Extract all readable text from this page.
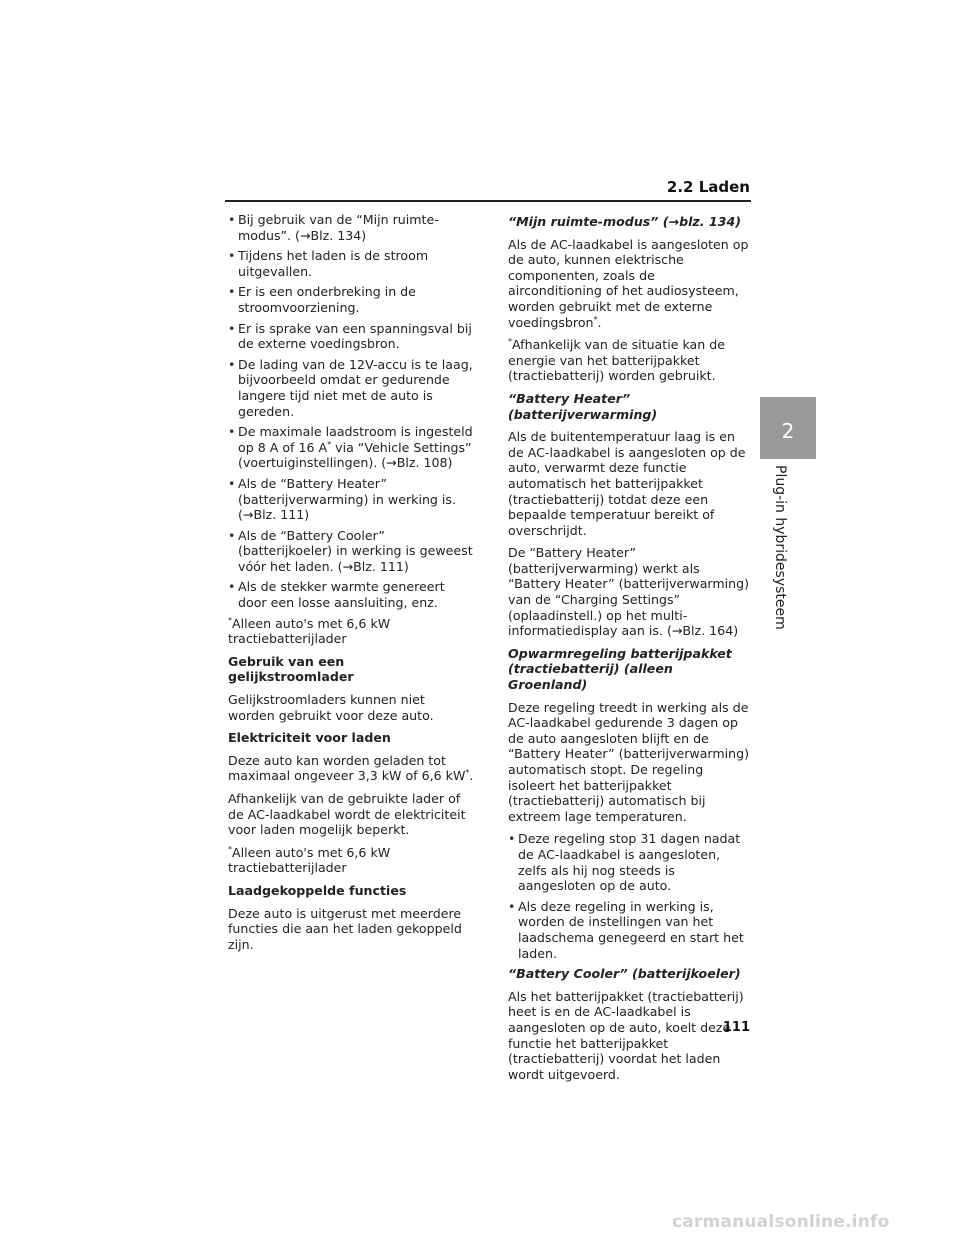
2.2 Laden
2
Plug-in hybridesysteem
• Bij gebruik van de “Mijn ruimte-modus”. (→Blz. 134)
• Tijdens het laden is de stroom uitgevallen.
• Er is een onderbreking in de stroomvoorziening.
• Er is sprake van een spanningsval bij de externe voedingsbron.
• De lading van de 12V-accu is te laag, bijvoorbeeld omdat er gedurende langere tijd niet met de auto is gereden.
• De maximale laadstroom is ingesteld op 8 A of 16 A* via “Vehicle Settings” (voertuiginstellingen). (→Blz. 108)
• Als de “Battery Heater” (batterijverwarming) in werking is. (→Blz. 111)
• Als de “Battery Cooler” (batterijkoeler) in werking is geweest vóór het laden. (→Blz. 111)
• Als de stekker warmte genereert door een losse aansluiting, enz.
*Alleen auto's met 6,6 kW tractiebatterijlader
Gebruik van een gelijkstroomlader
Gelijkstroomladers kunnen niet worden gebruikt voor deze auto.
Elektriciteit voor laden
Deze auto kan worden geladen tot maximaal ongeveer 3,3 kW of 6,6 kW*.
Afhankelijk van de gebruikte lader of de AC-laadkabel wordt de elektriciteit voor laden mogelijk beperkt.
*Alleen auto's met 6,6 kW tractiebatterijlader
Laadgekoppelde functies
Deze auto is uitgerust met meerdere functies die aan het laden gekoppeld zijn.
“Mijn ruimte-modus” (→blz. 134)
Als de AC-laadkabel is aangesloten op de auto, kunnen elektrische componenten, zoals de airconditioning of het audiosysteem, worden gebruikt met de externe voedingsbron*.
*Afhankelijk van de situatie kan de energie van het batterijpakket (tractiebatterij) worden gebruikt.
“Battery Heater” (batterijverwarming)
Als de buitentemperatuur laag is en de AC-laadkabel is aangesloten op de auto, verwarmt deze functie automatisch het batterijpakket (tractiebatterij) totdat deze een bepaalde temperatuur bereikt of overschrijdt.
De “Battery Heater” (batterijverwarming) werkt als “Battery Heater” (batterijverwarming) van de “Charging Settings” (oplaadinstell.) op het multi-informatiedisplay aan is. (→Blz. 164)
Opwarmregeling batterijpakket (tractiebatterij) (alleen Groenland)
Deze regeling treedt in werking als de AC-laadkabel gedurende 3 dagen op de auto aangesloten blijft en de “Battery Heater” (batterijverwarming) automatisch stopt. De regeling isoleert het batterijpakket (tractiebatterij) automatisch bij extreem lage temperaturen.
• Deze regeling stop 31 dagen nadat de AC-laadkabel is aangesloten, zelfs als hij nog steeds is aangesloten op de auto.
• Als deze regeling in werking is, worden de instellingen van het laadschema genegeerd en start het laden.
“Battery Cooler” (batterijkoeler)
Als het batterijpakket (tractiebatterij) heet is en de AC-laadkabel is aangesloten op de auto, koelt deze functie het batterijpakket (tractiebatterij) voordat het laden wordt uitgevoerd.
111
carmanualsonline.info
